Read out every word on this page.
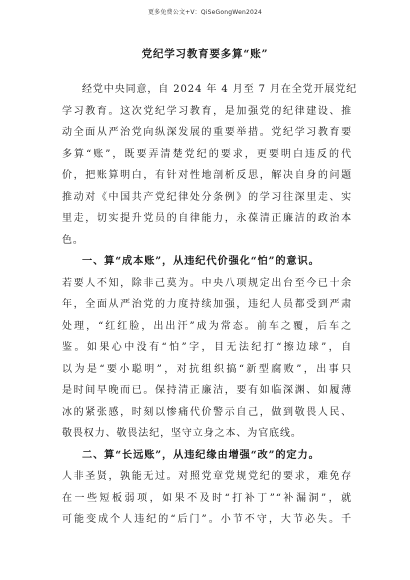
更多免费公文+V：QiSeGongWen2024
党纪学习教育要多算“账”
经党中央同意，自 2024 年 4 月至 7 月在全党开展党纪
学习教育。这次党纪学习教育，是加强党的纪律建设、推
动全面从严治党向纵深发展的重要举措。党纪学习教育要
多算“账”，既要弄清楚党纪的要求，更要明白违反的代
价，把账算明白，有针对性地剖析反思，解决自身的问题
推动对《中国共产党纪律处分条例》的学习往深里走、实
里走，切实提升党员的自律能力，永葆清正廉洁的政治本
色。
一、算“成本账”，从违纪代价强化“怕”的意识。
若要人不知，除非己莫为。中央八项规定出台至今已十余
年，全面从严治党的力度持续加强，违纪人员都受到严肃
处理，“红红脸，出出汗”成为常态。前车之覆，后车之
鉴。如果心中没有“怕”字，目无法纪打“擦边球”，自
以为是“要小聪明”，对抗组织搞“新型腐败”，出事只
是时间早晚而已。保持清正廉洁，要有如临深渊、如履薄
冰的紧张感，时刻以惨痛代价警示自己，做到敬畏人民、
敬畏权力、敬畏法纪，坚守立身之本、为官底线。
二、算“长远账”，从违纪缘由增强“改”的定力。
人非圣贤，孰能无过。对照党章党规党纪的要求，难免存
在一些短板弱项，如果不及时“打补丁”“补漏洞”，就
可能变成个人违纪的“后门”。小节不守，大节必失。千
